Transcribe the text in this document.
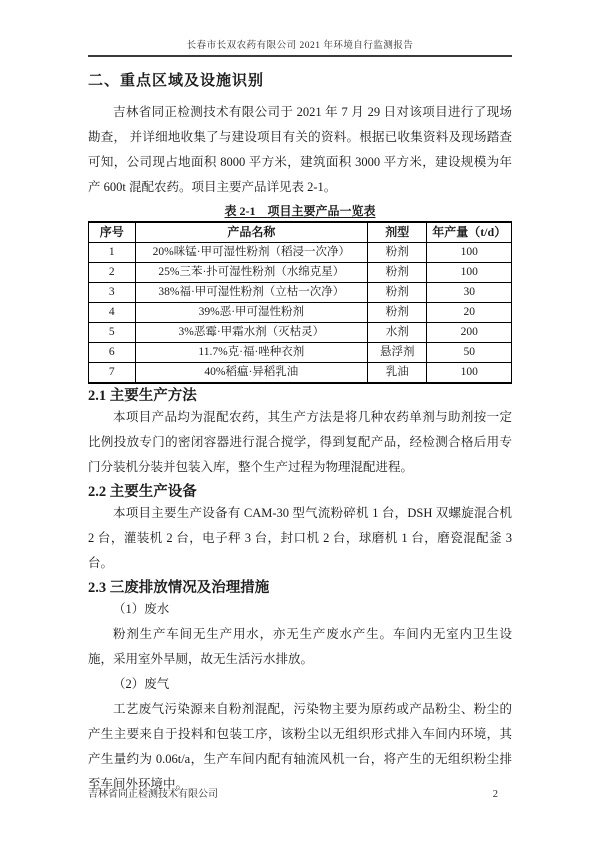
长春市长双农药有限公司 2021 年环境自行监测报告
二、重点区域及设施识别

吉林省同正检测技术有限公司于 2021 年 7 月 29 日对该项目进行了现场勘查， 并详细地收集了与建设项目有关的资料。根据已收集资料及现场踏查可知，公司现占地面积 8000 平方米，建筑面积 3000 平方米，建设规模为年产 600t 混配农药。项目主要产品详见表 2-1。

表 2-1　项目主要产品一览表
序号	产品名称	剂型	年产量（t/d）
1	20%咪锰·甲可湿性粉剂（稻浸一次净）	粉剂	100
2	25%三苯·扑可湿性粉剂（水绵克星）	粉剂	100
3	38%福·甲可湿性粉剂（立枯一次净）	粉剂	30
4	39%恶·甲可湿性粉剂	粉剂	20
5	3%恶霉·甲霜水剂（灭枯灵）	水剂	200
6	11.7%克·福·唑种衣剂	悬浮剂	50
7	40%稻瘟·异稻乳油	乳油	100
2.1 主要生产方法

本项目产品均为混配农药，其生产方法是将几种农药单剂与助剂按一定比例投放专门的密闭容器进行混合搅学，得到复配产品，经检测合格后用专门分装机分装并包装入库，整个生产过程为物理混配进程。

2.2 主要生产设备

本项目主要生产设备有 CAM-30 型气流粉碎机 1 台，DSH 双螺旋混合机 2 台，灌装机 2 台，电子秤 3 台，封口机 2 台，球磨机 1 台，磨瓷混配釜 3 台。

2.3 三废排放情况及治理措施

（1）废水

粉剂生产车间无生产用水，亦无生产废水产生。车间内无室内卫生设施，采用室外旱厕，故无生活污水排放。

（2）废气

工艺废气污染源来自粉剂混配，污染物主要为原药或产品粉尘、粉尘的产生主要来自于投料和包装工序，该粉尘以无组织形式排入车间内环境，其产生量约为 0.06t/a，生产车间内配有轴流风机一台，将产生的无组织粉尘排至车间外环境中。

吉林省同正检测技术有限公司	2
